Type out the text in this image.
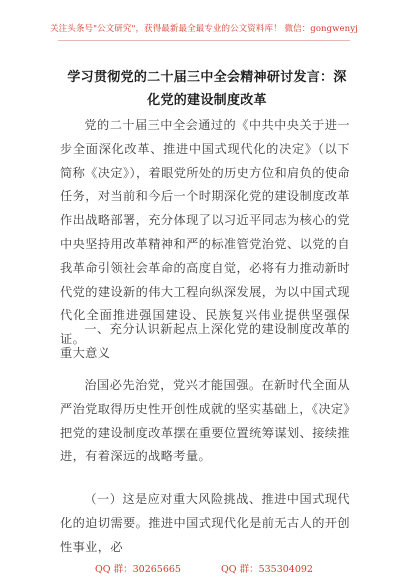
关注头条号"公文研究"，获得最新最全最专业的公文资料库！ 微信：gongwenyj
学习贯彻党的二十届三中全会精神研讨发言：深化党的建设制度改革

党的二十届三中全会通过的《中共中央关于进一步全面深化改革、推进中国式现代化的决定》（以下简称《决定》），着眼党所处的历史方位和肩负的使命任务，对当前和今后一个时期深化党的建设制度改革作出战略部署，充分体现了以习近平同志为核心的党中央坚持用改革精神和严的标准管党治党、以党的自我革命引领社会革命的高度自觉，必将有力推动新时代党的建设新的伟大工程向纵深发展，为以中国式现代化全面推进强国建设、民族复兴伟业提供坚强保证。

一、充分认识新起点上深化党的建设制度改革的重大意义

治国必先治党，党兴才能国强。在新时代全面从严治党取得历史性开创性成就的坚实基础上，《决定》把党的建设制度改革摆在重要位置统筹谋划、接续推进，有着深远的战略考量。

（一）这是应对重大风险挑战、推进中国式现代化的迫切需要。推进中国式现代化是前无古人的开创性事业，必

QQ 群：30265665	QQ 群：535304092
